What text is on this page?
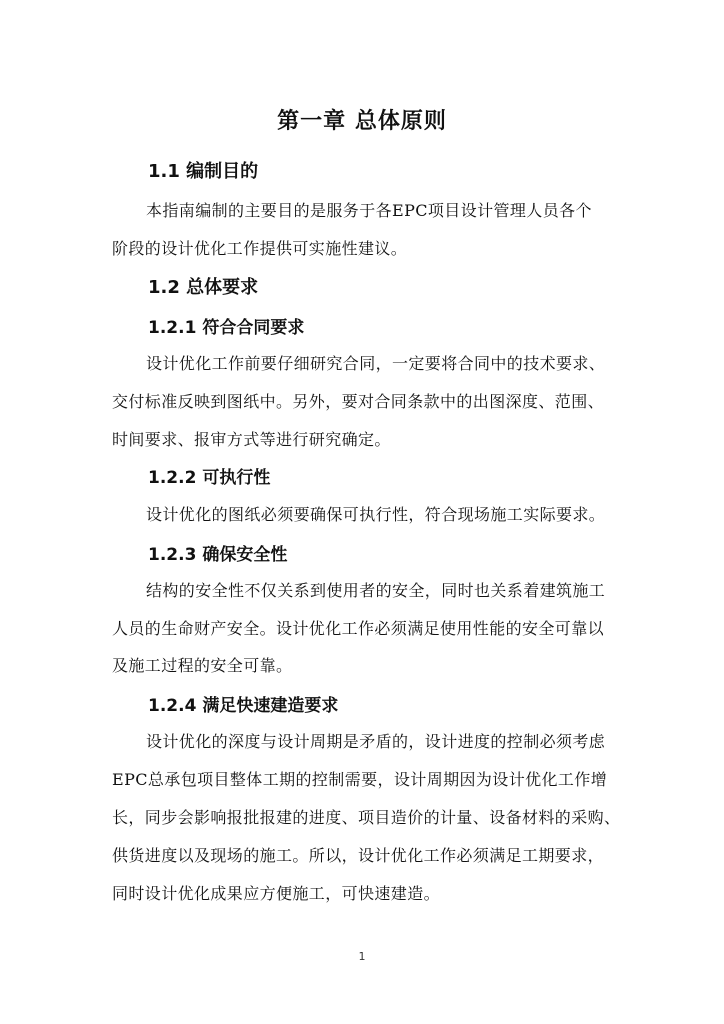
第一章 总体原则
1.1 编制目的
本指南编制的主要目的是服务于各EPC项目设计管理人员各个
阶段的设计优化工作提供可实施性建议。
1.2 总体要求
1.2.1 符合合同要求
设计优化工作前要仔细研究合同，一定要将合同中的技术要求、
交付标准反映到图纸中。另外，要对合同条款中的出图深度、范围、
时间要求、报审方式等进行研究确定。
1.2.2 可执行性
设计优化的图纸必须要确保可执行性，符合现场施工实际要求。
1.2.3 确保安全性
结构的安全性不仅关系到使用者的安全，同时也关系着建筑施工
人员的生命财产安全。设计优化工作必须满足使用性能的安全可靠以
及施工过程的安全可靠。
1.2.4 满足快速建造要求
设计优化的深度与设计周期是矛盾的，设计进度的控制必须考虑
EPC总承包项目整体工期的控制需要，设计周期因为设计优化工作增
长，同步会影响报批报建的进度、项目造价的计量、设备材料的采购、
供货进度以及现场的施工。所以，设计优化工作必须满足工期要求，
同时设计优化成果应方便施工，可快速建造。
1
